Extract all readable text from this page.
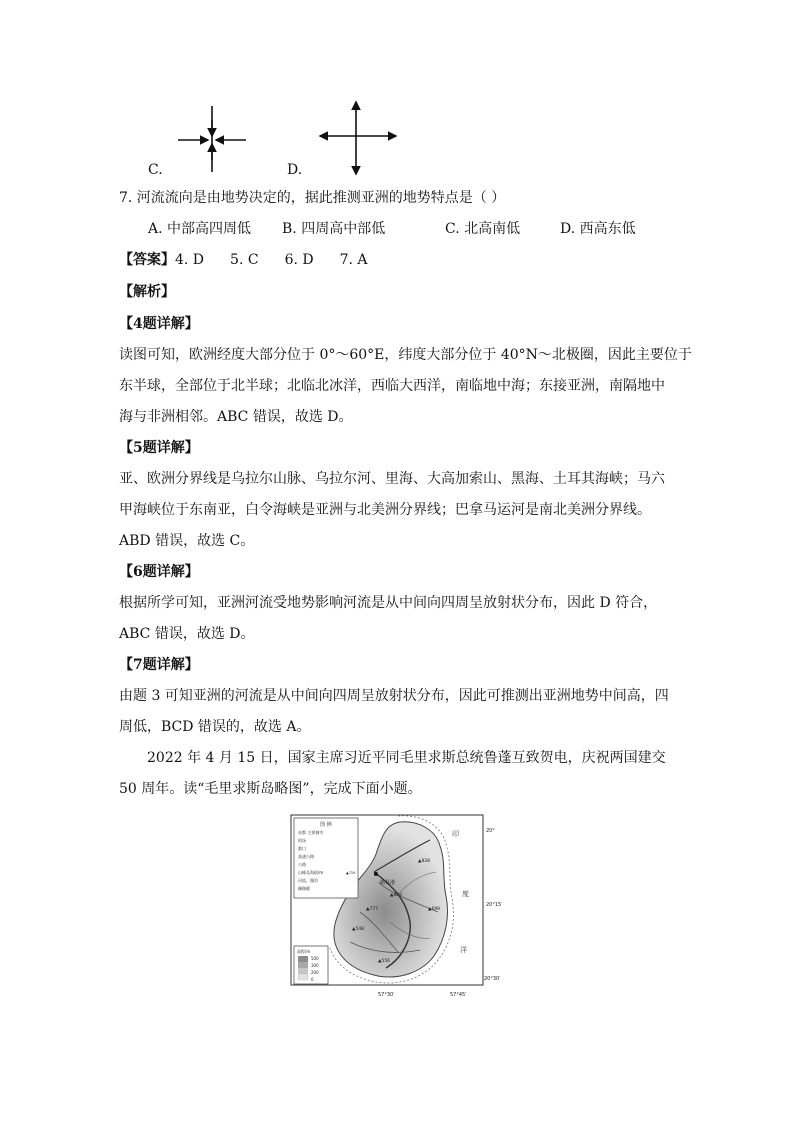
C.	D.
7. 河流流向是由地势决定的，据此推测亚洲的地势特点是（ ）
A. 中部高四周低 B. 四周高中部低	C. 北高南低	D. 西高东低
【答案】4. D 5. C 6. D 7. A
【解析】
【4题详解】
读图可知，欧洲经度大部分位于 0°～60°E，纬度大部分位于 40°N～北极圈，因此主要位于
东半球，全部位于北半球；北临北冰洋，西临大西洋，南临地中海；东接亚洲，南隔地中
海与非洲相邻。ABC 错误，故选 D。
【5题详解】
亚、欧洲分界线是乌拉尔山脉、乌拉尔河、里海、大高加索山、黑海、土耳其海峡；马六
甲海峡位于东南亚，白令海峡是亚洲与北美洲分界线；巴拿马运河是南北美洲分界线。
ABD 错误，故选 C。
【6题详解】
根据所学可知，亚洲河流受地势影响河流是从中间向四周呈放射状分布，因此 D 符合，
ABC 错误，故选 D。
【7题详解】
由题 3 可知亚洲的河流是从中间向四周呈放射状分布，因此可推测出亚洲地势中间高，四
周低，BCD 错误的，故选 A。
2022 年 4 月 15 日，国家主席习近平同毛里求斯总统鲁蓬互致贺电，庆祝两国建交
50 周年。读“毛里求斯岛略图”，完成下面小题。
图 例
首都 主要城市
机场
港口
高速公路
公路
山峰及海拔/m
河流、湖泊
珊瑚礁
▲719
高程/m
500
300
200
0
路易港
▲828
▲777
▲548
▲699
▲556
▲828
印
度
洋
20°
20°15′
20°30′
57°30′	57°45′
